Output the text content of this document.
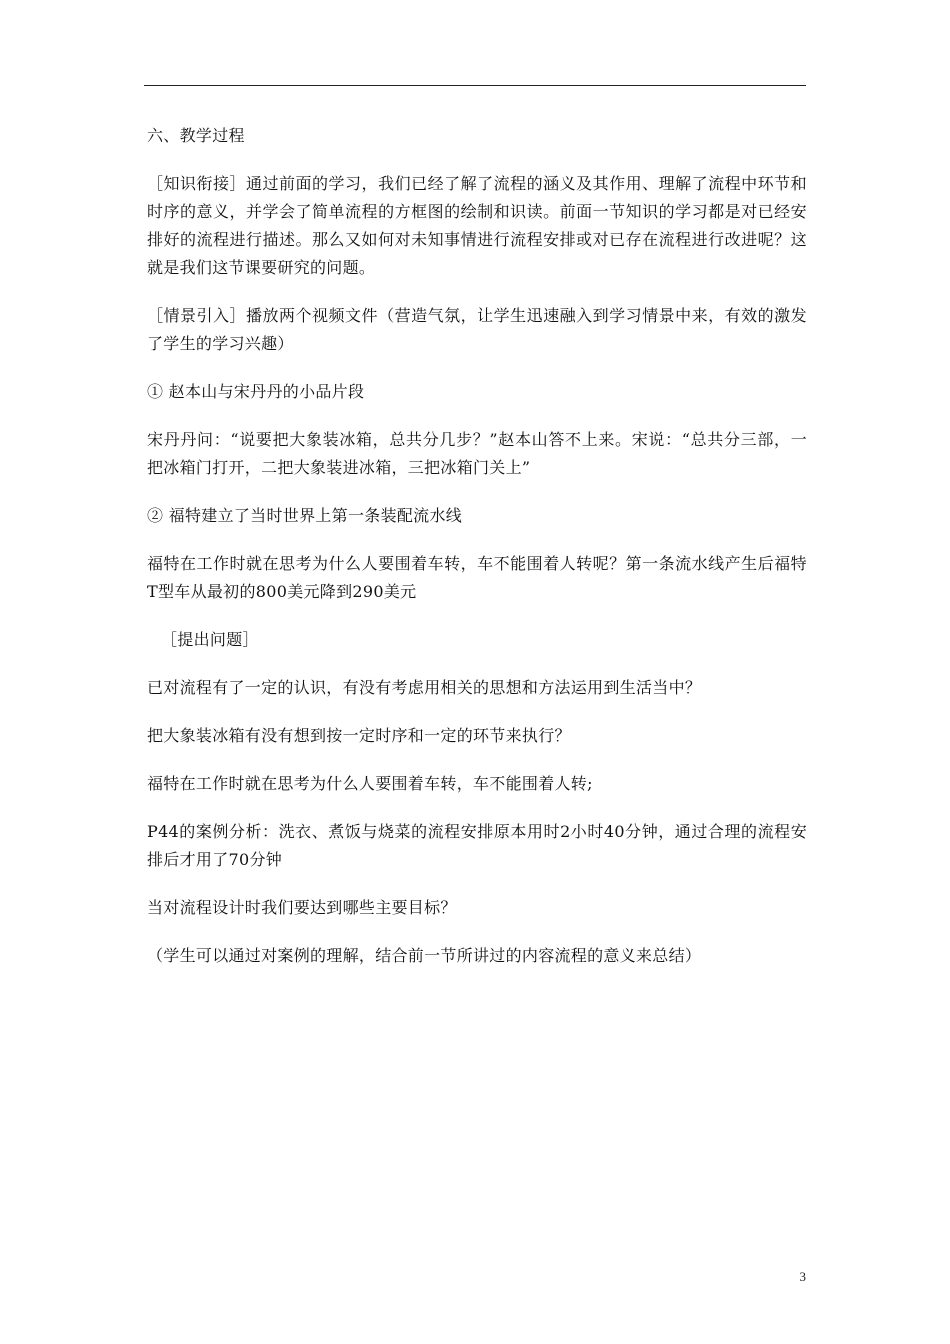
六、教学过程

［知识衔接］通过前面的学习，我们已经了解了流程的涵义及其作用、理解了流程中环节和时序的意义，并学会了简单流程的方框图的绘制和识读。前面一节知识的学习都是对已经安排好的流程进行描述。那么又如何对未知事情进行流程安排或对已存在流程进行改进呢？这就是我们这节课要研究的问题。

［情景引入］播放两个视频文件（营造气氛，让学生迅速融入到学习情景中来，有效的激发了学生的学习兴趣）

① 赵本山与宋丹丹的小品片段

宋丹丹问：“说要把大象装冰箱，总共分几步？”赵本山答不上来。宋说：“总共分三部，一把冰箱门打开，二把大象装进冰箱，三把冰箱门关上”

② 福特建立了当时世界上第一条装配流水线

福特在工作时就在思考为什么人要围着车转，车不能围着人转呢？第一条流水线产生后福特T型车从最初的800美元降到290美元

［提出问题］

已对流程有了一定的认识，有没有考虑用相关的思想和方法运用到生活当中？

把大象装冰箱有没有想到按一定时序和一定的环节来执行？

福特在工作时就在思考为什么人要围着车转，车不能围着人转;

P44的案例分析：洗衣、煮饭与烧菜的流程安排原本用时2小时40分钟，通过合理的流程安排后才用了70分钟

当对流程设计时我们要达到哪些主要目标？

（学生可以通过对案例的理解，结合前一节所讲过的内容流程的意义来总结）

3
